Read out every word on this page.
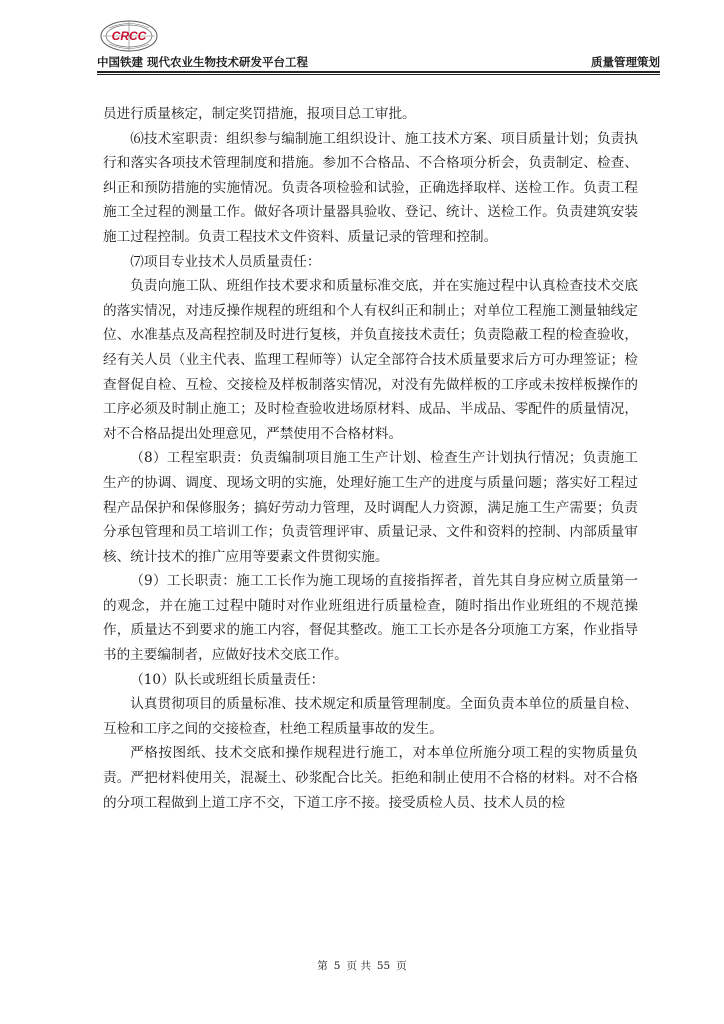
CRCC
中国铁建 现代农业生物技术研发平台工程	质量管理策划

员进行质量核定，制定奖罚措施，报项目总工审批。

⑹技术室职责：组织参与编制施工组织设计、施工技术方案、项目质量计划；负责执行和落实各项技术管理制度和措施。参加不合格品、不合格项分析会，负责制定、检查、纠正和预防措施的实施情况。负责各项检验和试验，正确选择取样、送检工作。负责工程施工全过程的测量工作。做好各项计量器具验收、登记、统计、送检工作。负责建筑安装施工过程控制。负责工程技术文件资料、质量记录的管理和控制。

⑺项目专业技术人员质量责任：

负责向施工队、班组作技术要求和质量标准交底，并在实施过程中认真检查技术交底的落实情况，对违反操作规程的班组和个人有权纠正和制止；对单位工程施工测量轴线定位、水准基点及高程控制及时进行复核，并负直接技术责任；负责隐蔽工程的检查验收，经有关人员（业主代表、监理工程师等）认定全部符合技术质量要求后方可办理签证；检查督促自检、互检、交接检及样板制落实情况，对没有先做样板的工序或未按样板操作的工序必须及时制止施工；及时检查验收进场原材料、成品、半成品、零配件的质量情况，对不合格品提出处理意见，严禁使用不合格材料。

（8）工程室职责：负责编制项目施工生产计划、检查生产计划执行情况；负责施工生产的协调、调度、现场文明的实施，处理好施工生产的进度与质量问题；落实好工程过程产品保护和保修服务；搞好劳动力管理，及时调配人力资源，满足施工生产需要；负责分承包管理和员工培训工作；负责管理评审、质量记录、文件和资料的控制、内部质量审核、统计技术的推广应用等要素文件贯彻实施。

（9）工长职责：施工工长作为施工现场的直接指挥者，首先其自身应树立质量第一的观念，并在施工过程中随时对作业班组进行质量检查，随时指出作业班组的不规范操作，质量达不到要求的施工内容，督促其整改。施工工长亦是各分项施工方案，作业指导书的主要编制者，应做好技术交底工作。

（10）队长或班组长质量责任：

认真贯彻项目的质量标准、技术规定和质量管理制度。全面负责本单位的质量自检、互检和工序之间的交接检查，杜绝工程质量事故的发生。

严格按图纸、技术交底和操作规程进行施工，对本单位所施分项工程的实物质量负责。严把材料使用关，混凝土、砂浆配合比关。拒绝和制止使用不合格的材料。对不合格的分项工程做到上道工序不交，下道工序不接。接受质检人员、技术人员的检

第 5 页 共 55 页
